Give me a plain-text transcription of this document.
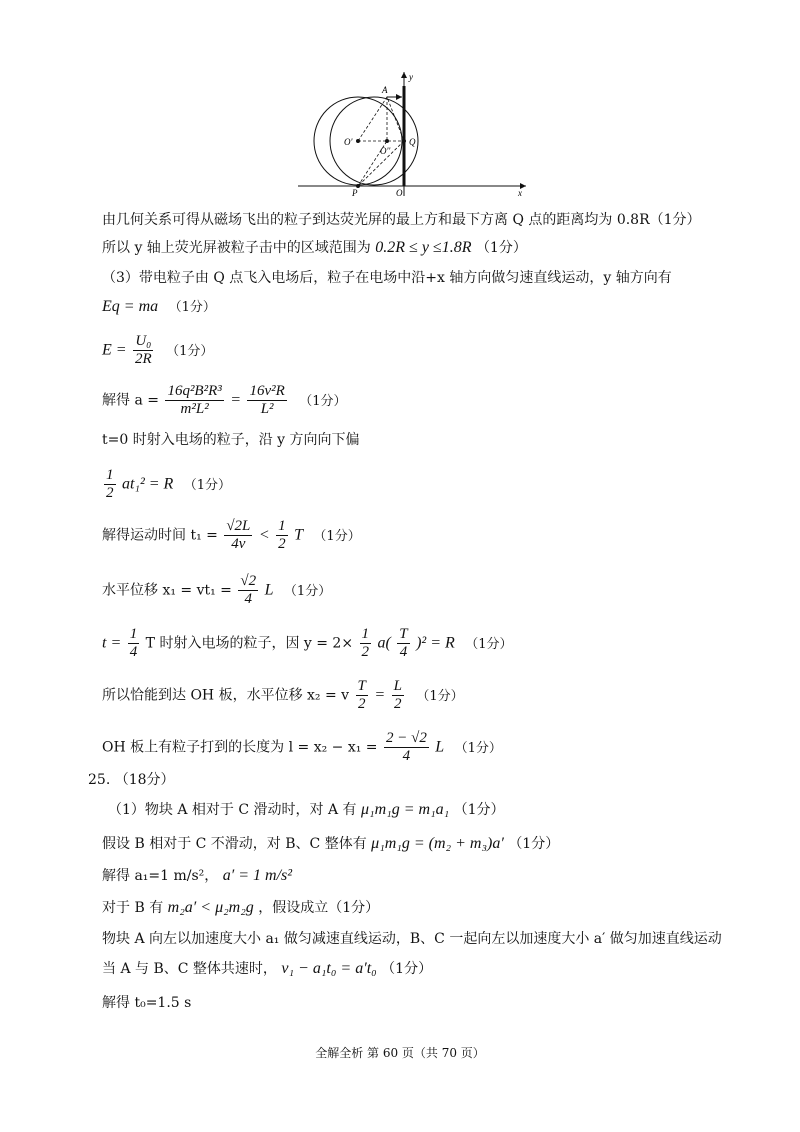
y
A
O'
O''
Q
P	O	x
由几何关系可得从磁场飞出的粒子到达荧光屏的最上方和最下方离 Q 点的距离均为 0.8R（1分）
所以 y 轴上荧光屏被粒子击中的区域范围为 0.2R ≤ y ≤1.8R （1分）
（3）带电粒子由 Q 点飞入电场后，粒子在电场中沿+x 轴方向做匀速直线运动，y 轴方向有
Eq = ma （1分）
$E = \frac{\text{U₀}}{2R} (1$分）
解得 $a = \frac{\text{16q²B²R³}}{\text{m²L²}} = \frac{\text{16v²R}}{\text{L²}} (1$分）
t=0 时射入电场的粒子，沿 y 方向向下偏
$\frac{1}{2} at_1^2 = R$ （1分）
解得运动时间 $t_1 = \frac{√2L}{4v} < \frac{1}{2}$ T （1分）
水平位移 $x_1 = vt_1 = \frac{√2}{4}$ L （1分）
$t = \frac{1}{4}$ T 时射入电场的粒子，因 $y = 2\times \frac{1}{2} a( \frac{T}{4} )^2 = R$ （1分）
所以恰能到达 OH 板，水平位移 x₂ = v $\frac{T}{2} = \frac{L}{2} (1$分）
OH 板上有粒子打到的长度为 $l = x_2 - x_1 = \frac{2 - √2}{4}$ L （1分）
25. （18分）
（1）物块 A 相对于 C 滑动时，对 A 有 μ₁m₁g = m₁a₁ （1分）
假设 B 相对于 C 不滑动，对 B、C 整体有 μ₁m₁g = (m₂ + m₃)a′ （1分）
解得 a₁=1 m/s²， a′ = 1 m/s²
对于 B 有 m₂a′ < μ₂m₂g ，假设成立（1分）
物块 A 向左以加速度大小 a₁ 做匀减速直线运动，B、C 一起向左以加速度大小 a′ 做匀加速直线运动
当 A 与 B、C 整体共速时， v₁ − a₁t₀ = a′t₀ （1分）
解得 t₀=1.5 s
全解全析 第 60 页（共 70 页）
